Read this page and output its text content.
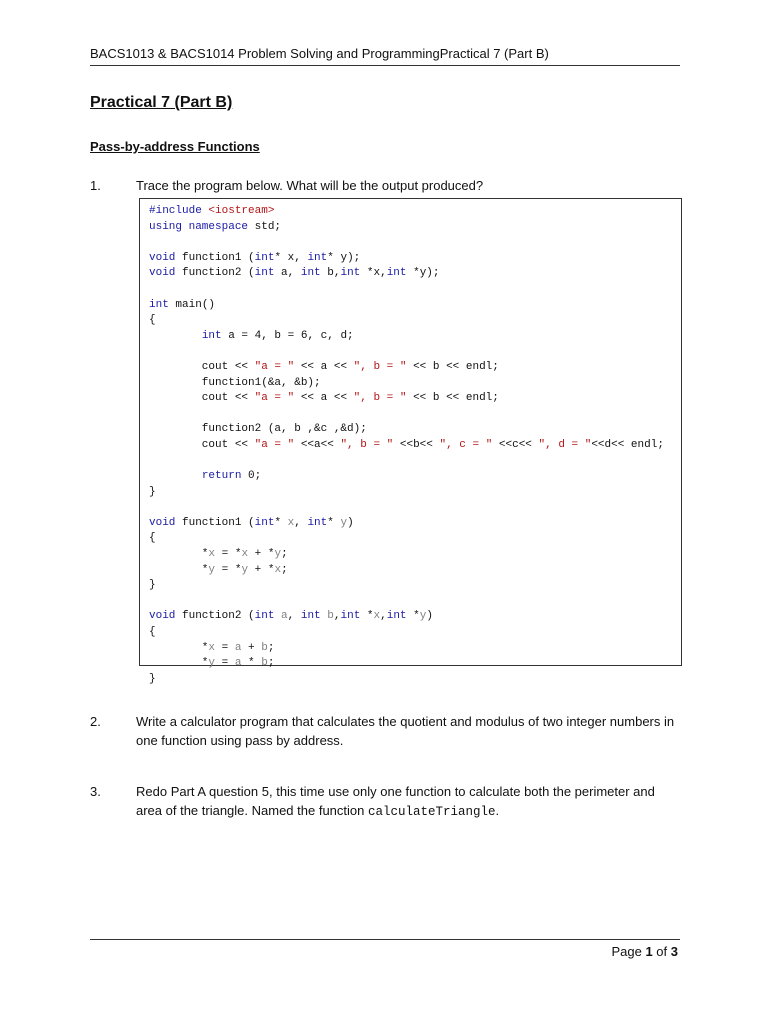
BACS1013 & BACS1014 Problem Solving and ProgrammingPractical 7 (Part B)
Practical 7 (Part B)
Pass-by-address Functions
1.	Trace the program below. What will be the output produced?
#include <iostream>
using namespace std;

void function1 (int* x, int* y);
void function2 (int a, int b,int *x,int *y);

int main()
{
int a = 4, b = 6, c, d;

cout << "a = " << a << ", b = " << b << endl;
function1(&a, &b);
cout << "a = " << a << ", b = " << b << endl;

function2 (a, b ,&c ,&d);
cout << "a = " <<a<< ", b = " <<b<< ", c = " <<c<< ", d = "<<d<< endl;

return 0;
}

void function1 (int* x, int* y)
{
*x = *x + *y;
*y = *y + *x;
}

void function2 (int a, int b,int *x,int *y)
{
*x = a + b;
*y = a * b;
}

2.	Write a calculator program that calculates the quotient and modulus of two integer numbers in one function using pass by address.
3.	Redo Part A question 5, this time use only one function to calculate both the perimeter and area of the triangle. Named the function calculateTriangle.
Page 1 of 3
